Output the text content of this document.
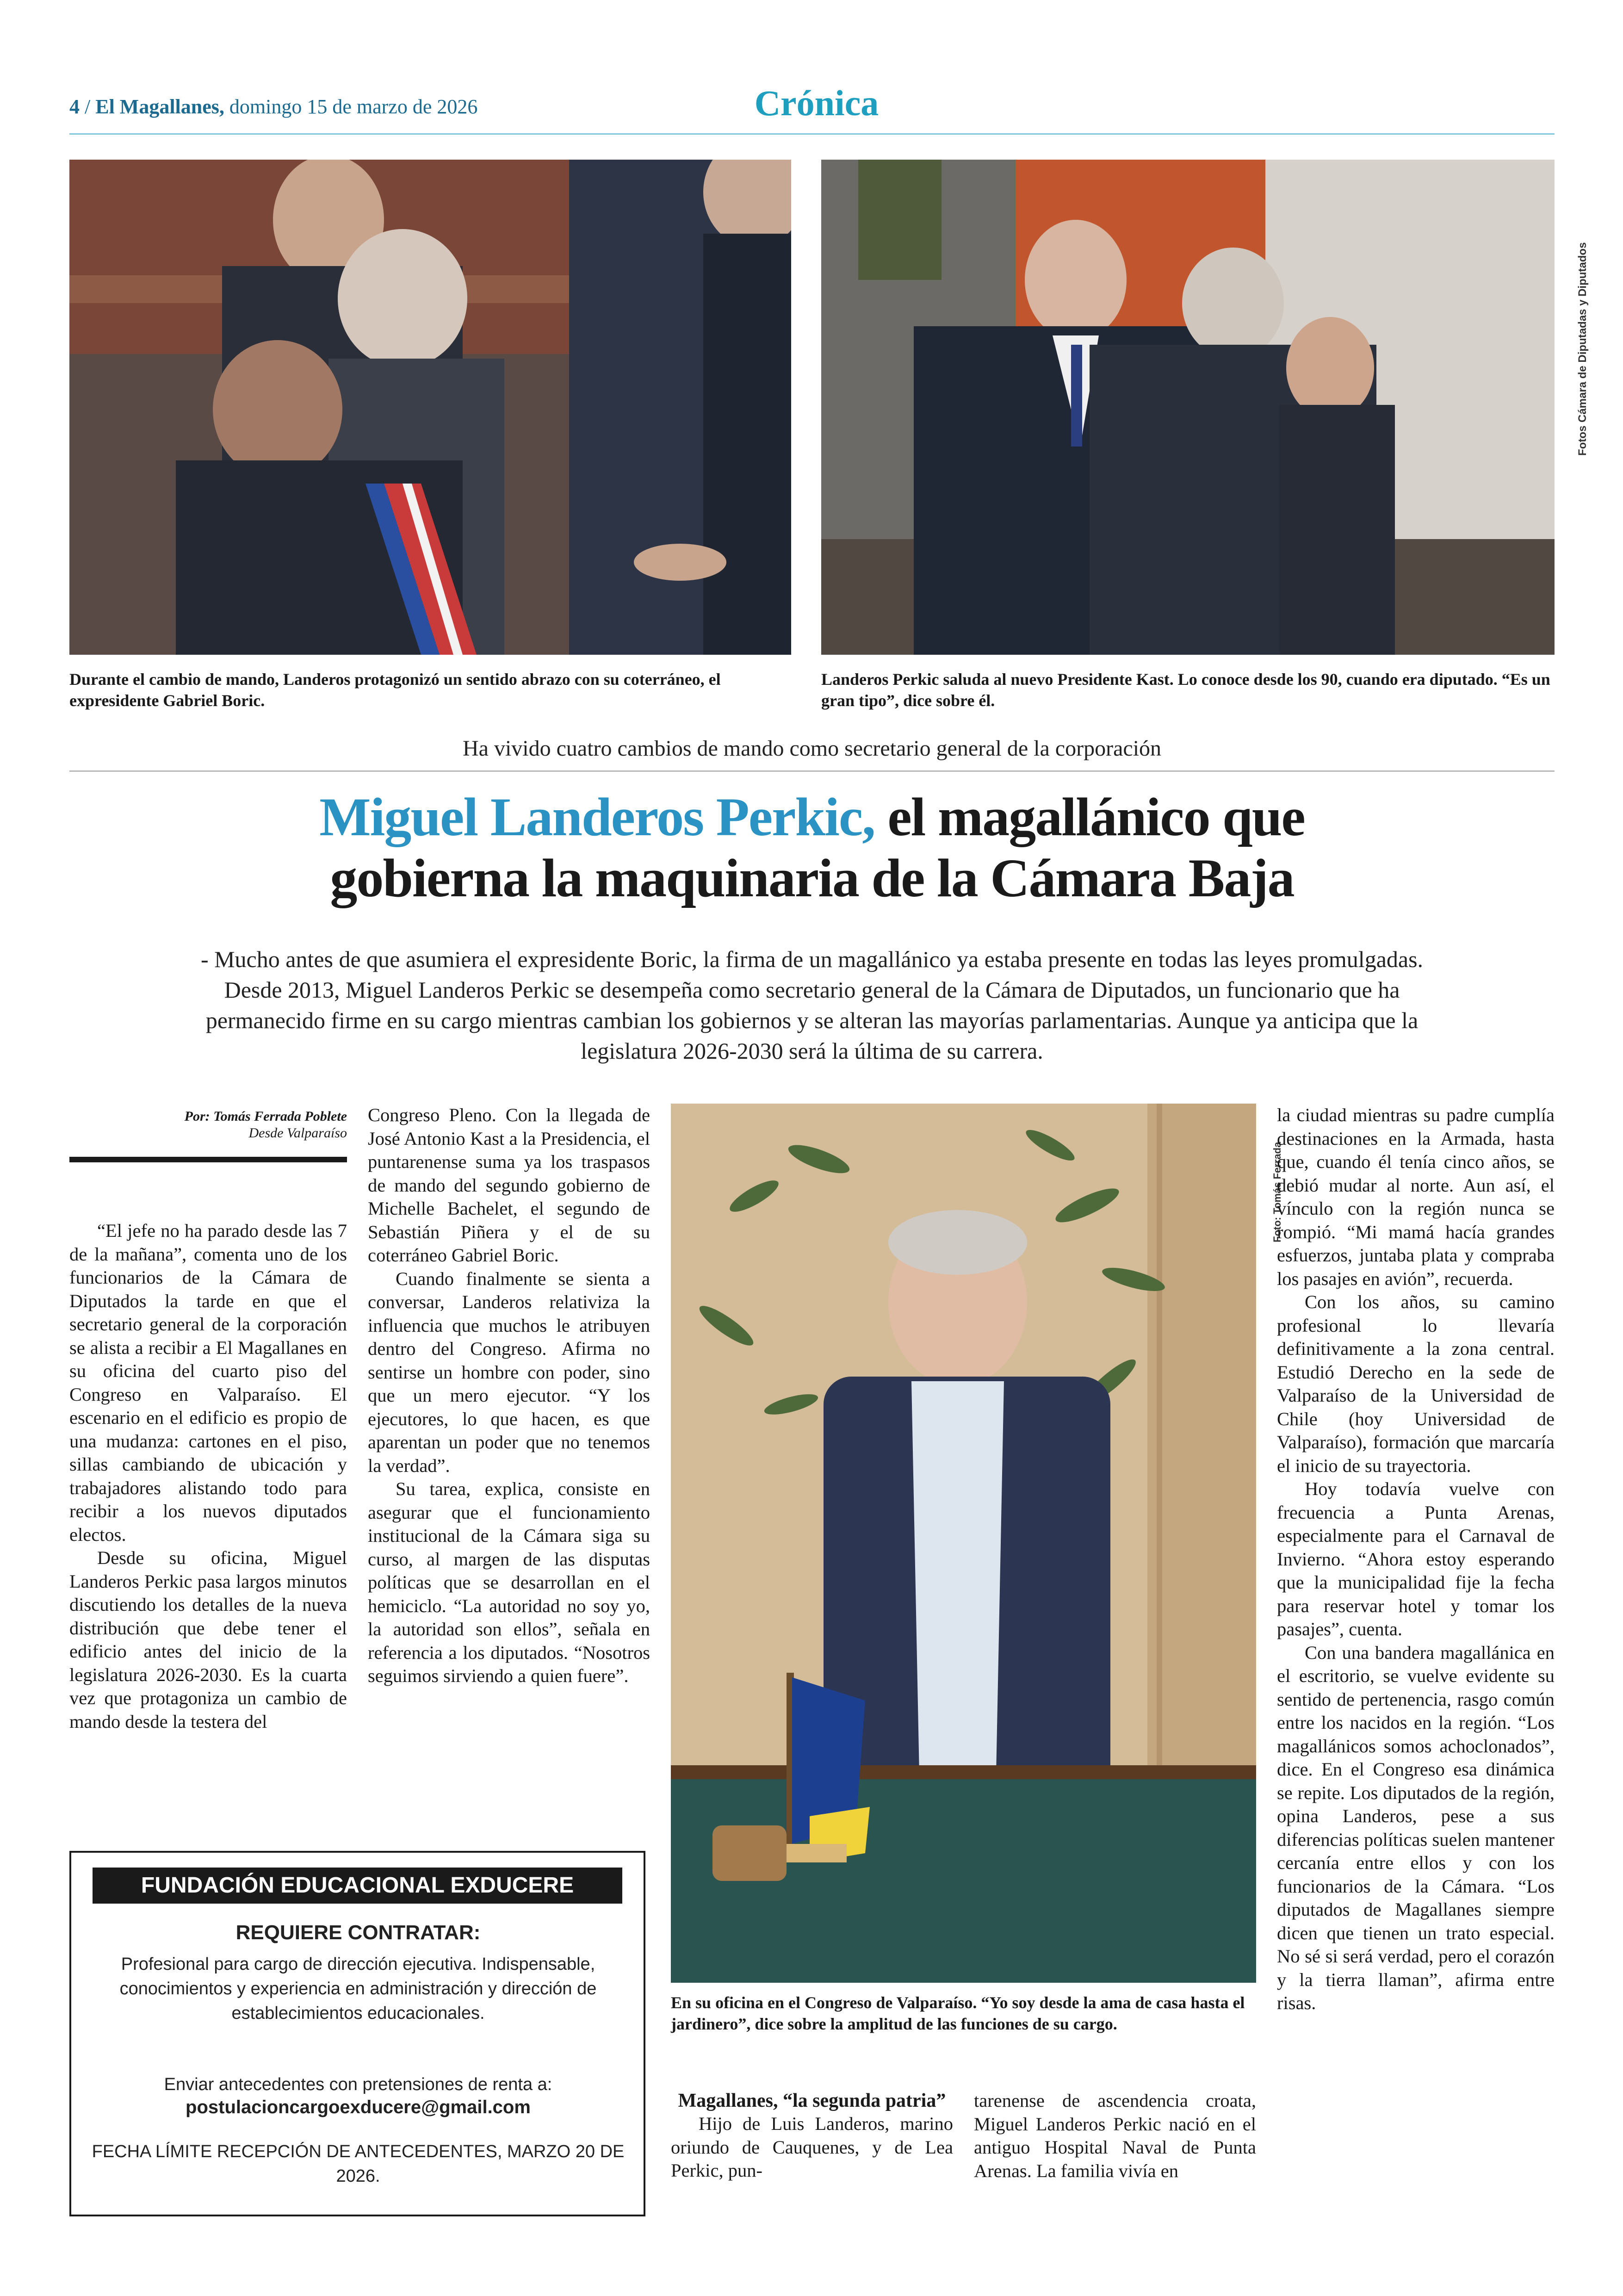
4 / El Magallanes, domingo 15 de marzo de 2026	Crónica
Fotos Cámara de Diputadas y Diputados
Durante el cambio de mando, Landeros protagonizó un sentido abrazo con su coterráneo, el expresidente Gabriel Boric.
Landeros Perkic saluda al nuevo Presidente Kast. Lo conoce desde los 90, cuando era diputado. “Es un gran tipo”, dice sobre él.
Ha vivido cuatro cambios de mando como secretario general de la corporación
Miguel Landeros Perkic, el magallánico que
gobierna la maquinaria de la Cámara Baja
- Mucho antes de que asumiera el expresidente Boric, la firma de un magallánico ya estaba presente en todas las leyes promulgadas. Desde 2013, Miguel Landeros Perkic se desempeña como secretario general de la Cámara de Diputados, un funcionario que ha permanecido firme en su cargo mientras cambian los gobiernos y se alteran las mayorías parlamentarias. Aunque ya anticipa que la legislatura 2026-2030 será la última de su carrera.
Por: Tomás Ferrada Poblete
Desde Valparaíso

“El jefe no ha parado desde las 7 de la mañana”, comenta uno de los funcionarios de la Cámara de Diputados la tarde en que el secretario general de la corporación se alista a recibir a El Magallanes en su oficina del cuarto piso del Congreso en Valparaíso. El escenario en el edificio es propio de una mudanza: cartones en el piso, sillas cambiando de ubicación y trabajadores alistando todo para recibir a los nuevos diputados electos.

Desde su oficina, Miguel Landeros Perkic pasa largos minutos discutiendo los detalles de la nueva distribución que debe tener el edificio antes del inicio de la legislatura 2026-2030. Es la cuarta vez que protagoniza un cambio de mando desde la testera del

Congreso Pleno. Con la llegada de José Antonio Kast a la Presidencia, el puntarenense suma ya los traspasos de mando del segundo gobierno de Michelle Bachelet, el segundo de Sebastián Piñera y el de su coterráneo Gabriel Boric.

Cuando finalmente se sienta a conversar, Landeros relativiza la influencia que muchos le atribuyen dentro del Congreso. Afirma no sentirse un hombre con poder, sino que un mero ejecutor. “Y los ejecutores, lo que hacen, es que aparentan un poder que no tenemos la verdad”.

Su tarea, explica, consiste en asegurar que el funcionamiento institucional de la Cámara siga su curso, al margen de las disputas políticas que se desarrollan en el hemiciclo. “La autoridad no soy yo, la autoridad son ellos”, señala en referencia a los diputados. “Nosotros seguimos sirviendo a quien fuere”.

Foto: Tomás Ferrada
En su oficina en el Congreso de Valparaíso. “Yo soy desde la ama de casa hasta el jardinero”, dice sobre la amplitud de las funciones de su cargo.

Magallanes, “la segunda patria”

Hijo de Luis Landeros, marino oriundo de Cauquenes, y de Lea Perkic, pun-

tarenense de ascendencia croata, Miguel Landeros Perkic nació en el antiguo Hospital Naval de Punta Arenas. La familia vivía en

la ciudad mientras su padre cumplía destinaciones en la Armada, hasta que, cuando él tenía cinco años, se debió mudar al norte. Aun así, el vínculo con la región nunca se rompió. “Mi mamá hacía grandes esfuerzos, juntaba plata y compraba los pasajes en avión”, recuerda.

Con los años, su camino profesional lo llevaría definitivamente a la zona central. Estudió Derecho en la sede de Valparaíso de la Universidad de Chile (hoy Universidad de Valparaíso), formación que marcaría el inicio de su trayectoria.

Hoy todavía vuelve con frecuencia a Punta Arenas, especialmente para el Carnaval de Invierno. “Ahora estoy esperando que la municipalidad fije la fecha para reservar hotel y tomar los pasajes”, cuenta.

Con una bandera magallánica en el escritorio, se vuelve evidente su sentido de pertenencia, rasgo común entre los nacidos en la región. “Los magallánicos somos achoclonados”, dice. En el Congreso esa dinámica se repite. Los diputados de la región, opina Landeros, pese a sus diferencias políticas suelen mantener cercanía entre ellos y con los funcionarios de la Cámara. “Los diputados de Magallanes siempre dicen que tienen un trato especial. No sé si será verdad, pero el corazón y la tierra llaman”, afirma entre risas.

FUNDACIÓN EDUCACIONAL EXDUCERE
REQUIERE CONTRATAR:
Profesional para cargo de dirección ejecutiva. Indispensable, conocimientos y experiencia en administración y dirección de establecimientos educacionales.
Enviar antecedentes con pretensiones de renta a:
postulacioncargoexducere@gmail.com
FECHA LÍMITE RECEPCIÓN DE ANTECEDENTES, MARZO 20 DE 2026.
